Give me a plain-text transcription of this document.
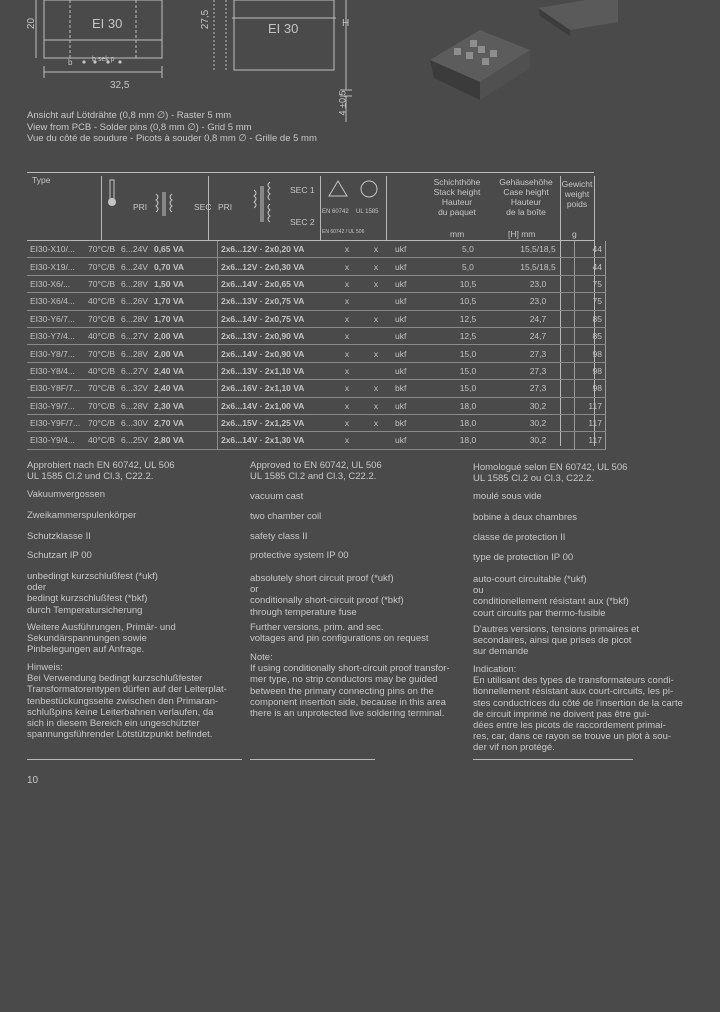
EI 30	EI 30
20	27,5
32,5
4 ±0,5
H
b sek p
b
Ansicht auf Lötdrähte (0,8 mm ∅) - Raster 5 mm
View from PCB - Solder pins (0,8 mm ∅) - Grid 5 mm
Vue du côté de soudure - Picots à souder 0,8 mm ∅ - Grille de 5 mm
Type
PRI	SEC PRI
SEC 1
SEC 2
EN 60742 UL 1585
EN 60742 / UL 506
Schichthöhe
Stack height
Hauteur
du paquet
Gehäusehöhe
Case height
Hauteur
de la boîte
Gewicht
weight
poids
mm	[H] mm	g
EI30-X10/...	70°C/B	6...24V	0,65 VA	2x6...12V · 2x0,20 VA	x	x	ukf	5,0	15,5/18,5	44
EI30-X19/...	70°C/B	6...24V	0,70 VA	2x6...12V · 2x0,30 VA	x	x	ukf	5,0	15,5/18,5	44
EI30-X6/...	70°C/B	6...28V	1,50 VA	2x6...14V · 2x0,65 VA	x	x	ukf	10,5	23,0	75
EI30-X6/4...	40°C/B	6...26V	1,70 VA	2x6...13V · 2x0,75 VA	x		ukf	10,5	23,0	75
EI30-Y6/7...	70°C/B	6...28V	1,70 VA	2x6...14V · 2x0,75 VA	x	x	ukf	12,5	24,7	85
EI30-Y7/4...	40°C/B	6...27V	2,00 VA	2x6...13V · 2x0,90 VA	x		ukf	12,5	24,7	85
EI30-Y8/7...	70°C/B	6...28V	2,00 VA	2x6...14V · 2x0,90 VA	x	x	ukf	15,0	27,3	98
EI30-Y8/4...	40°C/B	6...27V	2,40 VA	2x6...13V · 2x1,10 VA	x		ukf	15,0	27,3	98
EI30-Y8F/7...	70°C/B	6...32V	2,40 VA	2x6...16V · 2x1,10 VA	x	x	bkf	15,0	27,3	98
EI30-Y9/7...	70°C/B	6...28V	2,30 VA	2x6...14V · 2x1,00 VA	x	x	ukf	18,0	30,2	117
EI30-Y9F/7...	70°C/B	6...30V	2,70 VA	2x6...15V · 2x1,25 VA	x	x	bkf	18,0	30,2	117
EI30-Y9/4...	40°C/B	6...25V	2,80 VA	2x6...14V · 2x1,30 VA	x		ukf	18,0	30,2	117
Approbiert nach EN 60742, UL 506
UL 1585 Cl.2 und Cl.3, C22.2.
Vakuumvergossen
Zweikammerspulenkörper
Schutzklasse II
Schutzart IP 00
unbedingt kurzschlußfest (*ukf)
oder
bedingt kurzschlußfest (*bkf)
durch Temperatursicherung
Weitere Ausführungen, Primär- und
Sekundärspannungen sowie
Pinbelegungen auf Anfrage.
Hinweis:
Bei Verwendung bedingt kurzschlußfester
Transformatorentypen dürfen auf der Leiterplat-
tenbestückungsseite zwischen den Primaran-
schlußpins keine Leiterbahnen verlaufen, da
sich in diesem Bereich ein ungeschützter
spannungsführender Lötstützpunkt befindet.
Approved to EN 60742, UL 506
UL 1585 Cl.2 and Cl.3, C22.2.
vacuum cast
two chamber coil
safety class II
protective system IP 00
absolutely short circuit proof (*ukf)
or
conditionally short-circuit proof (*bkf)
through temperature fuse
Further versions, prim. and sec.
voltages and pin configurations on request
Note:
If using conditionally short-circuit proof transfor-
mer type, no strip conductors may be guided
between the primary connecting pins on the
component insertion side, because in this area
there is an unprotected live soldering terminal.
Homologué selon EN 60742, UL 506
UL 1585 Cl.2 ou Cl.3, C22.2.
moulé sous vide
bobine à deux chambres
classe de protection II
type de protection IP 00
auto-court circuitable (*ukf)
ou
conditionellement résistant aux (*bkf)
court circuits par thermo-fusible
D'autres versions, tensions primaires et
secondaires, ainsi que prises de picot
sur demande
Indication:
En utilisant des types de transformateurs condi-
tionnellement résistant aux court-circuits, les pi-
stes conductrices du côté de l'insertion de la carte
de circuit imprimé ne doivent pas être gui-
dées entre les picots de raccordement primai-
res, car, dans ce rayon se trouve un plot à sou-
der vif non protégé.
10
